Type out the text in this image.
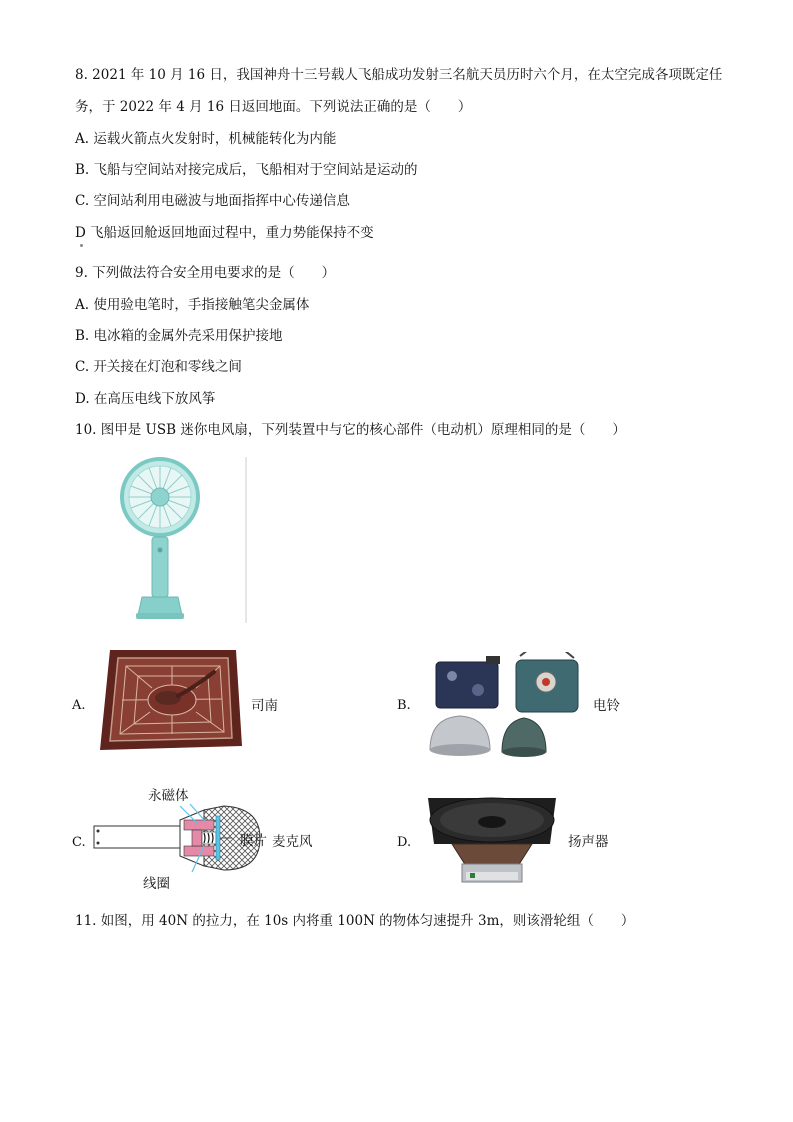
8. 2021 年 10 月 16 日，我国神舟十三号载人飞船成功发射三名航天员历时六个月，在太空完成各项既定任
务，于 2022 年 4 月 16 日返回地面。下列说法正确的是（　　）
A. 运载火箭点火发射时，机械能转化为内能
B. 飞船与空间站对接完成后，飞船相对于空间站是运动的
C. 空间站利用电磁波与地面指挥中心传递信息
D 飞船返回舱返回地面过程中，重力势能保持不变
9. 下列做法符合安全用电要求的是（　　）
A. 使用验电笔时，手指接触笔尖金属体
B. 电冰箱的金属外壳采用保护接地
C. 开关接在灯泡和零线之间
D. 在高压电线下放风筝
10. 图甲是 USB 迷你电风扇，下列装置中与它的核心部件（电动机）原理相同的是（　　）
A.	司南	B.	电铃
C.
永磁体
膜片
线圈
麦克风	D.	扬声器
11. 如图，用 40N 的拉力，在 10s 内将重 100N 的物体匀速提升 3m，则该滑轮组（　　）
